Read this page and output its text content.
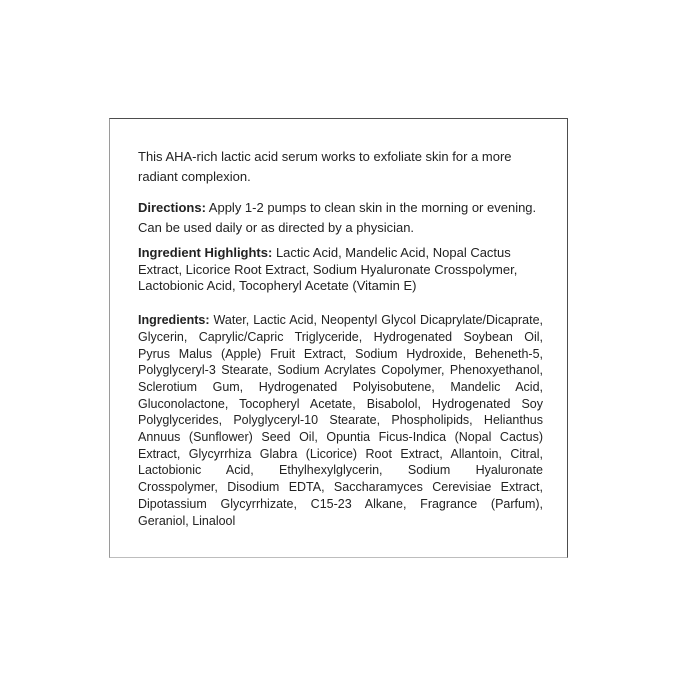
This AHA-rich lactic acid serum works to exfoliate skin for a more
radiant complexion.
Directions: Apply 1-2 pumps to clean skin in the morning or evening.
Can be used daily or as directed by a physician.
Ingredient Highlights: Lactic Acid, Mandelic Acid, Nopal Cactus
Extract, Licorice Root Extract, Sodium Hyaluronate Crosspolymer,
Lactobionic Acid, Tocopheryl Acetate (Vitamin E)
Ingredients: Water, Lactic Acid, Neopentyl Glycol Dicaprylate/Dicaprate,
Glycerin, Caprylic/Capric Triglyceride, Hydrogenated Soybean Oil,
Pyrus Malus (Apple) Fruit Extract, Sodium Hydroxide, Beheneth-5,
Polyglyceryl-3 Stearate, Sodium Acrylates Copolymer, Phenoxyethanol,
Sclerotium Gum, Hydrogenated Polyisobutene, Mandelic Acid,
Gluconolactone, Tocopheryl Acetate, Bisabolol, Hydrogenated Soy
Polyglycerides, Polyglyceryl-10 Stearate, Phospholipids, Helianthus
Annuus (Sunflower) Seed Oil, Opuntia Ficus-Indica (Nopal Cactus)
Extract, Glycyrrhiza Glabra (Licorice) Root Extract, Allantoin, Citral,
Lactobionic Acid, Ethylhexylglycerin, Sodium Hyaluronate
Crosspolymer, Disodium EDTA, Saccharamyces Cerevisiae Extract,
Dipotassium Glycyrrhizate, C15-23 Alkane, Fragrance (Parfum),
Geraniol, Linalool
